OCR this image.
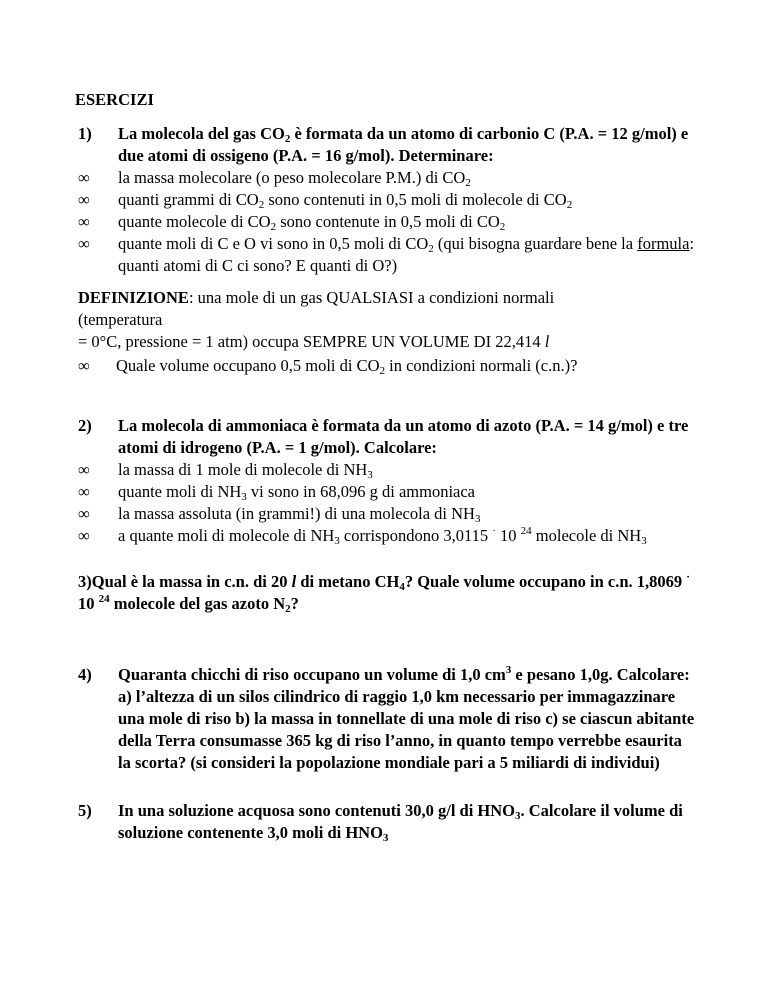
ESERCIZI
1) La molecola del gas $CO_2$ è formata da un atomo di carbonio C (P.A. = 12 g/mol) e due atomi di ossigeno (P.A. = 16 g/mol). Determinare:
∞ la massa molecolare (o peso molecolare P.M.) di $CO_2$
∞ quanti grammi di $CO_2$ sono contenuti in 0,5 moli di molecole di $CO_2$
∞ quante molecole di $CO_2$ sono contenute in 0,5 moli di $CO_2$
∞ quante moli di C e O vi sono in 0,5 moli di $CO_2$ (qui bisogna guardare bene la formula: quanti atomi di C ci sono? E quanti di O?)
DEFINIZIONE: una mole di un gas QUALSIASI a condizioni normali
(temperatura
= 0°C, pressione = 1 atm) occupa SEMPRE UN VOLUME DI 22,414 l
∞ Quale volume occupano 0,5 moli di $CO_2$ in condizioni normali (c.n.)?
2) La molecola di ammoniaca è formata da un atomo di azoto (P.A. = 14 g/mol) e tre atomi di idrogeno (P.A. = 1 g/mol). Calcolare:
∞ la massa di 1 mole di molecole di $NH_3$
∞ quante moli di $NH_3$ vi sono in 68,096 g di ammoniaca
∞ la massa assoluta (in grammi!) di una molecola di $NH_3$
∞ a quante moli di molecole di $NH_3$ corrispondono 3,0115 · 10 $^{24}$ molecole di $NH_3$
3)Qual è la massa in c.n. di 20 l di metano $CH_4$? Quale volume occupano in c.n. 1,8069 · 10 $^{24}$ molecole del gas azoto $N_2$?
4) Quaranta chicchi di riso occupano un volume di 1,0 $cm^3$ e pesano 1,0g. Calcolare: a) l’altezza di un silos cilindrico di raggio 1,0 km necessario per immagazzinare una mole di riso b) la massa in tonnellate di una mole di riso c) se ciascun abitante della Terra consumasse 365 kg di riso l’anno, in quanto tempo verrebbe esaurita la scorta? (si consideri la popolazione mondiale pari a 5 miliardi di individui)
5) In una soluzione acquosa sono contenuti 30,0 g/l di $HNO_3$. Calcolare il volume di soluzione contenente 3,0 moli di $HNO_3$
